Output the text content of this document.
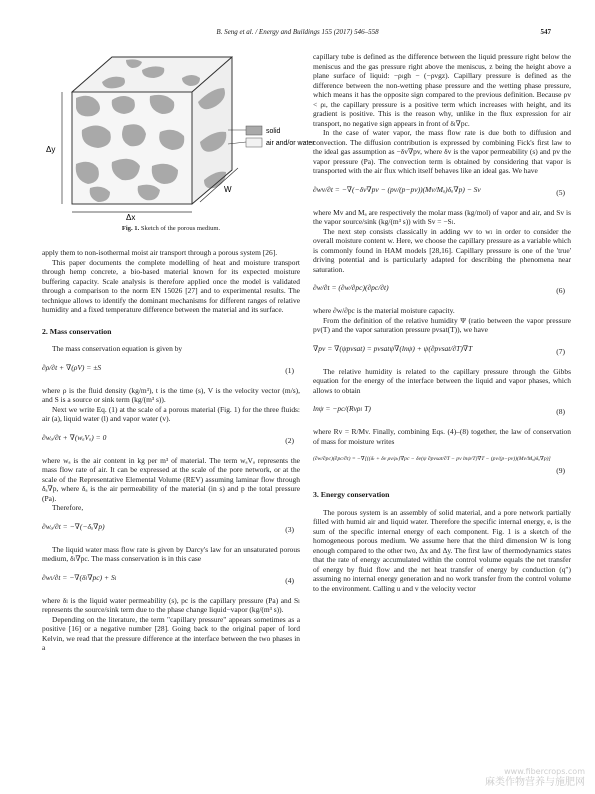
B. Seng et al. / Energy and Buildings 155 (2017) 546–558	547
solid
air and/or water
Δy
W
Δx
Fig. 1. Sketch of the porous medium.

apply them to non-isothermal moist air transport through a porous system [26].

This paper documents the complete modelling of heat and moisture transport through hemp concrete, a bio-based material known for its expected moisture buffering capacity. Scale analysis is therefore applied once the model is validated through a comparison to the norm EN 15026 [27] and to experimental results. The technique allows to identify the dominant mechanisms for different ranges of relative humidity and a fixed temperature difference between the material and its surface.

2. Mass conservation

The mass conservation equation is given by

∂ρ/∂t + ∇(ρV) = ±S	(1)

where ρ is the fluid density (kg/m³), t is the time (s), V is the velocity vector (m/s), and S is a source or sink term (kg/(m³ s)).

Next we write Eq. (1) at the scale of a porous material (Fig. 1) for the three fluids: air (a), liquid water (l) and vapor water (v).

∂wₐ/∂t + ∇(wₐVₐ) = 0	(2)

where wₐ is the air content in kg per m³ of material. The term wₐVₐ represents the mass flow rate of air. It can be expressed at the scale of the pore network, or at the scale of the Representative Elemental Volume (REV) assuming laminar flow through δₐ∇p, where δₐ is the air permeability of the material (in s) and p the total pressure (Pa).

Therefore,

∂wₐ/∂t = −∇(−δₐ∇p)	(3)

The liquid water mass flow rate is given by Darcy's law for an unsaturated porous medium, δₗ∇pc. The mass conservation is in this case

∂wₗ/∂t = −∇(δₗ∇pc) + Sₗ	(4)

where δₗ is the liquid water permeability (s), pc is the capillary pressure (Pa) and Sₗ represents the source/sink term due to the phase change liquid−vapor (kg/(m³ s)).

Depending on the literature, the term "capillary pressure" appears sometimes as a positive [16] or a negative number [28]. Going back to the original paper of lord Kelvin, we read that the pressure difference at the interface between the two phases in a

capillary tube is defined as the difference between the liquid pressure right below the meniscus and the gas pressure right above the meniscus, z being the height above a plane surface of liquid: −ρₗgh − (−ρvgz). Capillary pressure is defined as the difference between the non-wetting phase pressure and the wetting phase pressure, which means it has the opposite sign compared to the previous definition. Because ρv < ρₗ, the capillary pressure is a positive term which increases with height, and its gradient is positive. This is the reason why, unlike in the flux expression for air transport, no negative sign appears in front of δₗ∇pc.

In the case of water vapor, the mass flow rate is due both to diffusion and convection. The diffusion contribution is expressed by combining Fick's first law to the ideal gas assumption as −δv∇pv, where δv is the vapor permeability (s) and pv the vapor pressure (Pa). The convection term is obtained by considering that vapor is transported with the air flux which itself behaves like an ideal gas. We have

∂wv/∂t = −∇(−δv∇pv − (pv/(p−pv))(Mv/Mₐ)δₐ∇p) − Sv	(5)

where Mv and Mₐ are respectively the molar mass (kg/mol) of vapor and air, and Sv is the vapor source/sink (kg/(m³ s)) with Sv = −Sₗ.

The next step consists classically in adding wv to wₗ in order to consider the overall moisture content w. Here, we choose the capillary pressure as a variable which is commonly found in HAM models [28,16]. Capillary pressure is one of the 'true' driving potential and is particularly adapted for describing the phenomena near saturation.

∂w/∂t = (∂w/∂pc)(∂pc/∂t)	(6)

where ∂w/∂pc is the material moisture capacity.

From the definition of the relative humidity Ψ (ratio between the vapor pressure pv(T) and the vapor saturation pressure pvsat(T)), we have

∇pv = ∇(ψpvsat) = pvsatψ∇(lnψ) + ψ(∂pvsat/∂T)∇T	(7)

The relative humidity is related to the capillary pressure through the Gibbs equation for the energy of the interface between the liquid and vapor phases, which allows to obtain

lnψ = −pc/(Rvρₗ T)	(8)

where Rv = R/Mv. Finally, combining Eqs. (4)–(8) together, the law of conservation of mass for moisture writes

(∂w/∂pc)(∂pc/∂t) = −∇[((δₗ + δv ρv/ρₗ)∇pc − δv(ψ ∂pvsat/∂T − pv lnψ/T)∇T − (pv/(p−pv))(Mv/Mₐ)δₐ∇p)]
(9)
3. Energy conservation

The porous system is an assembly of solid material, and a pore network partially filled with humid air and liquid water. Therefore the specific internal energy, e, is the sum of the specific internal energy of each component. Fig. 1 is a sketch of the homogeneous porous medium. We assume here that the third dimension W is long enough compared to the other two, Δx and Δy. The first law of thermodynamics states that the rate of energy accumulated within the control volume equals the net transfer of energy by fluid flow and the net heat transfer of energy by conduction (q″) assuming no internal energy generation and no work transfer from the control volume to the environment. Calling u and v the velocity vector

www.fibercrops.com
麻类作物营养与施肥网
